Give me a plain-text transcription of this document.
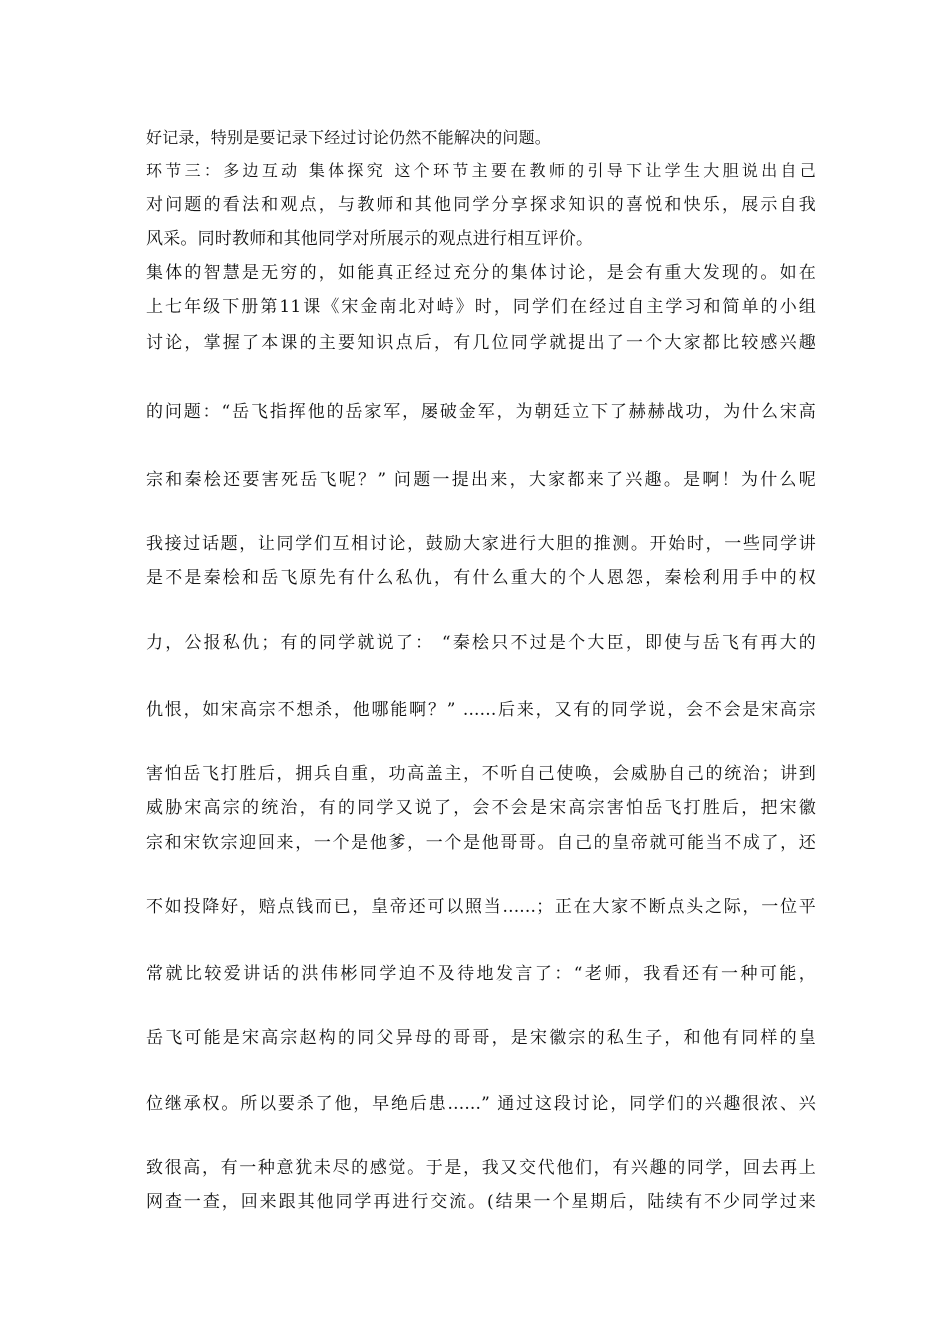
好记录，特别是要记录下经过讨论仍然不能解决的问题。
环节三：多边互动 集体探究 这个环节主要在教师的引导下让学生大胆说出自己
对问题的看法和观点，与教师和其他同学分享探求知识的喜悦和快乐，展示自我
风采。同时教师和其他同学对所展示的观点进行相互评价。
集体的智慧是无穷的，如能真正经过充分的集体讨论，是会有重大发现的。如在
上七年级下册第11课《宋金南北对峙》时，同学们在经过自主学习和简单的小组
讨论，掌握了本课的主要知识点后，有几位同学就提出了一个大家都比较感兴趣
的问题：“岳飞指挥他的岳家军，屡破金军，为朝廷立下了赫赫战功，为什么宋高
宗和秦桧还要害死岳飞呢？” 问题一提出来，大家都来了兴趣。是啊！为什么呢
我接过话题，让同学们互相讨论，鼓励大家进行大胆的推测。开始时，一些同学讲
是不是秦桧和岳飞原先有什么私仇，有什么重大的个人恩怨，秦桧利用手中的权
力，公报私仇；有的同学就说了： “秦桧只不过是个大臣，即使与岳飞有再大的
仇恨，如宋高宗不想杀，他哪能啊？” ......后来，又有的同学说，会不会是宋高宗
害怕岳飞打胜后，拥兵自重，功高盖主，不听自己使唤，会威胁自己的统治；讲到
威胁宋高宗的统治，有的同学又说了，会不会是宋高宗害怕岳飞打胜后，把宋徽
宗和宋钦宗迎回来，一个是他爹，一个是他哥哥。自己的皇帝就可能当不成了，还
不如投降好，赔点钱而已，皇帝还可以照当......；正在大家不断点头之际，一位平
常就比较爱讲话的洪伟彬同学迫不及待地发言了：“老师，我看还有一种可能，
岳飞可能是宋高宗赵构的同父异母的哥哥，是宋徽宗的私生子，和他有同样的皇
位继承权。所以要杀了他，早绝后患......” 通过这段讨论，同学们的兴趣很浓、兴
致很高，有一种意犹未尽的感觉。于是，我又交代他们，有兴趣的同学，回去再上
网查一查，回来跟其他同学再进行交流。(结果一个星期后，陆续有不少同学过来
